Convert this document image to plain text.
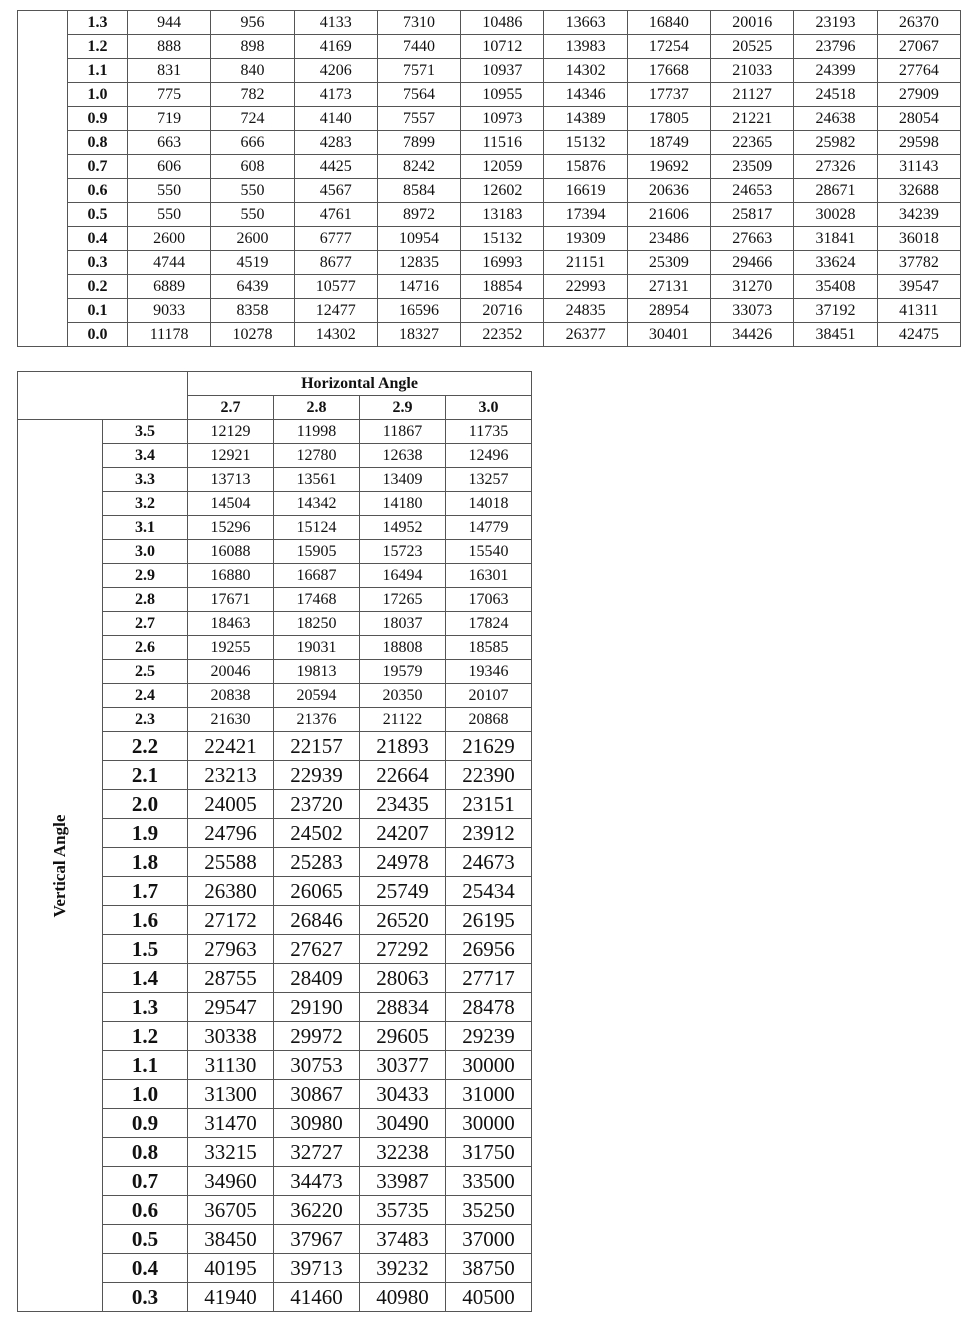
	1.3	944	956	4133	7310	10486	13663	16840	20016	23193	26370
	1.2	888	898	4169	7440	10712	13983	17254	20525	23796	27067
	1.1	831	840	4206	7571	10937	14302	17668	21033	24399	27764
	1.0	775	782	4173	7564	10955	14346	17737	21127	24518	27909
	0.9	719	724	4140	7557	10973	14389	17805	21221	24638	28054
	0.8	663	666	4283	7899	11516	15132	18749	22365	25982	29598
	0.7	606	608	4425	8242	12059	15876	19692	23509	27326	31143
	0.6	550	550	4567	8584	12602	16619	20636	24653	28671	32688
	0.5	550	550	4761	8972	13183	17394	21606	25817	30028	34239
	0.4	2600	2600	6777	10954	15132	19309	23486	27663	31841	36018
	0.3	4744	4519	8677	12835	16993	21151	25309	29466	33624	37782
	0.2	6889	6439	10577	14716	18854	22993	27131	31270	35408	39547
	0.1	9033	8358	12477	16596	20716	24835	28954	33073	37192	41311
	0.0	11178	10278	14302	18327	22352	26377	30401	34426	38451	42475
		Horizontal Angle			
		2.7	2.8	2.9	3.0

Vertical Angle	3.5	12129	11998	11867	11735
	3.4	12921	12780	12638	12496
	3.3	13713	13561	13409	13257
	3.2	14504	14342	14180	14018
	3.1	15296	15124	14952	14779
	3.0	16088	15905	15723	15540
	2.9	16880	16687	16494	16301
	2.8	17671	17468	17265	17063
	2.7	18463	18250	18037	17824
	2.6	19255	19031	18808	18585
	2.5	20046	19813	19579	19346
	2.4	20838	20594	20350	20107
	2.3	21630	21376	21122	20868
	2.2	22421	22157	21893	21629
	2.1	23213	22939	22664	22390
	2.0	24005	23720	23435	23151
	1.9	24796	24502	24207	23912
	1.8	25588	25283	24978	24673
	1.7	26380	26065	25749	25434
	1.6	27172	26846	26520	26195
	1.5	27963	27627	27292	26956
	1.4	28755	28409	28063	27717
	1.3	29547	29190	28834	28478
	1.2	30338	29972	29605	29239
	1.1	31130	30753	30377	30000
	1.0	31300	30867	30433	31000
	0.9	31470	30980	30490	30000
	0.8	33215	32727	32238	31750
	0.7	34960	34473	33987	33500
	0.6	36705	36220	35735	35250
	0.5	38450	37967	37483	37000
	0.4	40195	39713	39232	38750
	0.3	41940	41460	40980	40500
